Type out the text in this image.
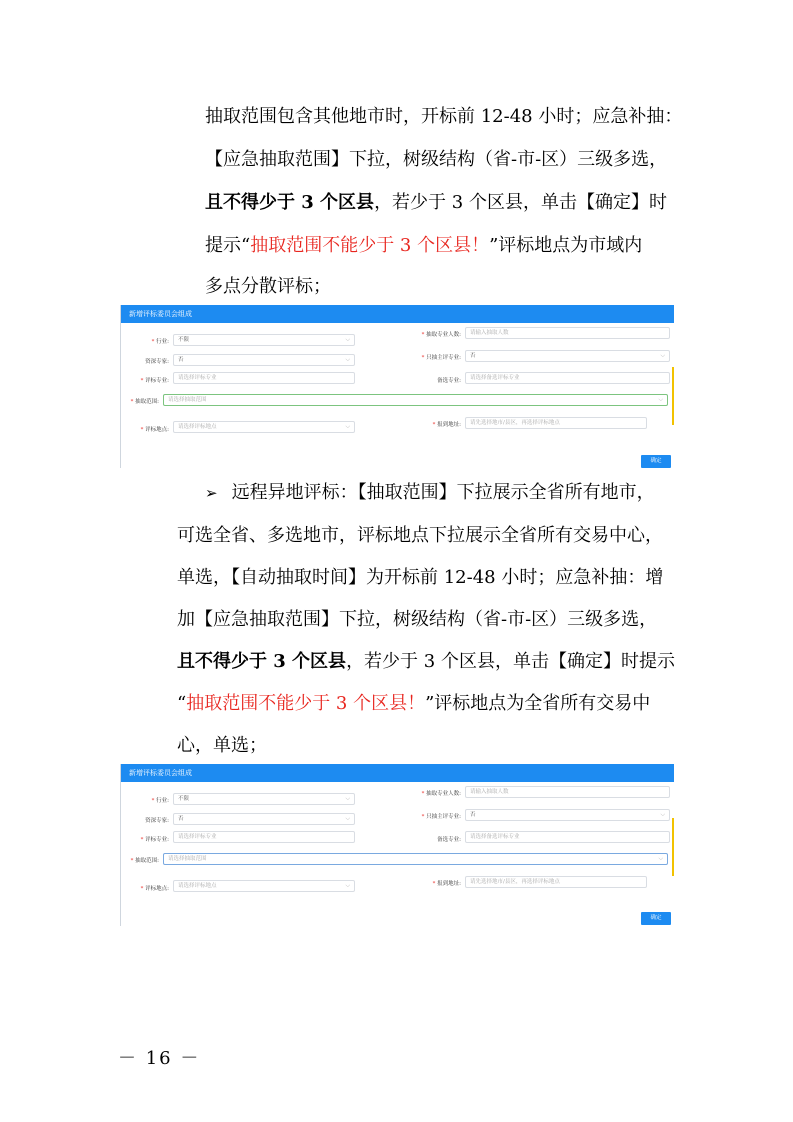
抽取范围包含其他地市时，开标前 12-48 小时；应急补抽：
【应急抽取范围】下拉，树级结构（省-市-区）三级多选，
且不得少于 3 个区县，若少于 3 个区县，单击【确定】时
提示“抽取范围不能少于 3 个区县！”评标地点为市域内
多点分散评标；
新增评标委员会组成
* 行业:	不限	⌵
* 抽取专业人数:	请输入抽取人数
资深专家:	否	⌵	* 只抽主评专业:	否	⌵
* 评标专业:	请选择评标专业	备选专业:	请选择备选评标专业
* 抽取范围:	请选择抽取范围	⌵
* 评标地点:	请选择评标地点	⌵	* 报到地址:	请先选择地市/县区，再选择评标地点
确定
➢ 远程异地评标：【抽取范围】下拉展示全省所有地市，
可选全省、多选地市，评标地点下拉展示全省所有交易中心，
单选，【自动抽取时间】为开标前 12-48 小时；应急补抽：增
加【应急抽取范围】下拉，树级结构（省-市-区）三级多选，
且不得少于 3 个区县，若少于 3 个区县，单击【确定】时提示
“抽取范围不能少于 3 个区县！”评标地点为全省所有交易中
心，单选；
新增评标委员会组成
* 行业:	不限	⌵
* 抽取专业人数:	请输入抽取人数
资深专家:	否	⌵	* 只抽主评专业:	否	⌵
* 评标专业:	请选择评标专业	备选专业:	请选择备选评标专业
* 抽取范围:	请选择抽取范围	⌵
* 评标地点:	请选择评标地点	⌵	* 报到地址:	请先选择地市/县区，再选择评标地点
确定
－ 16 －
